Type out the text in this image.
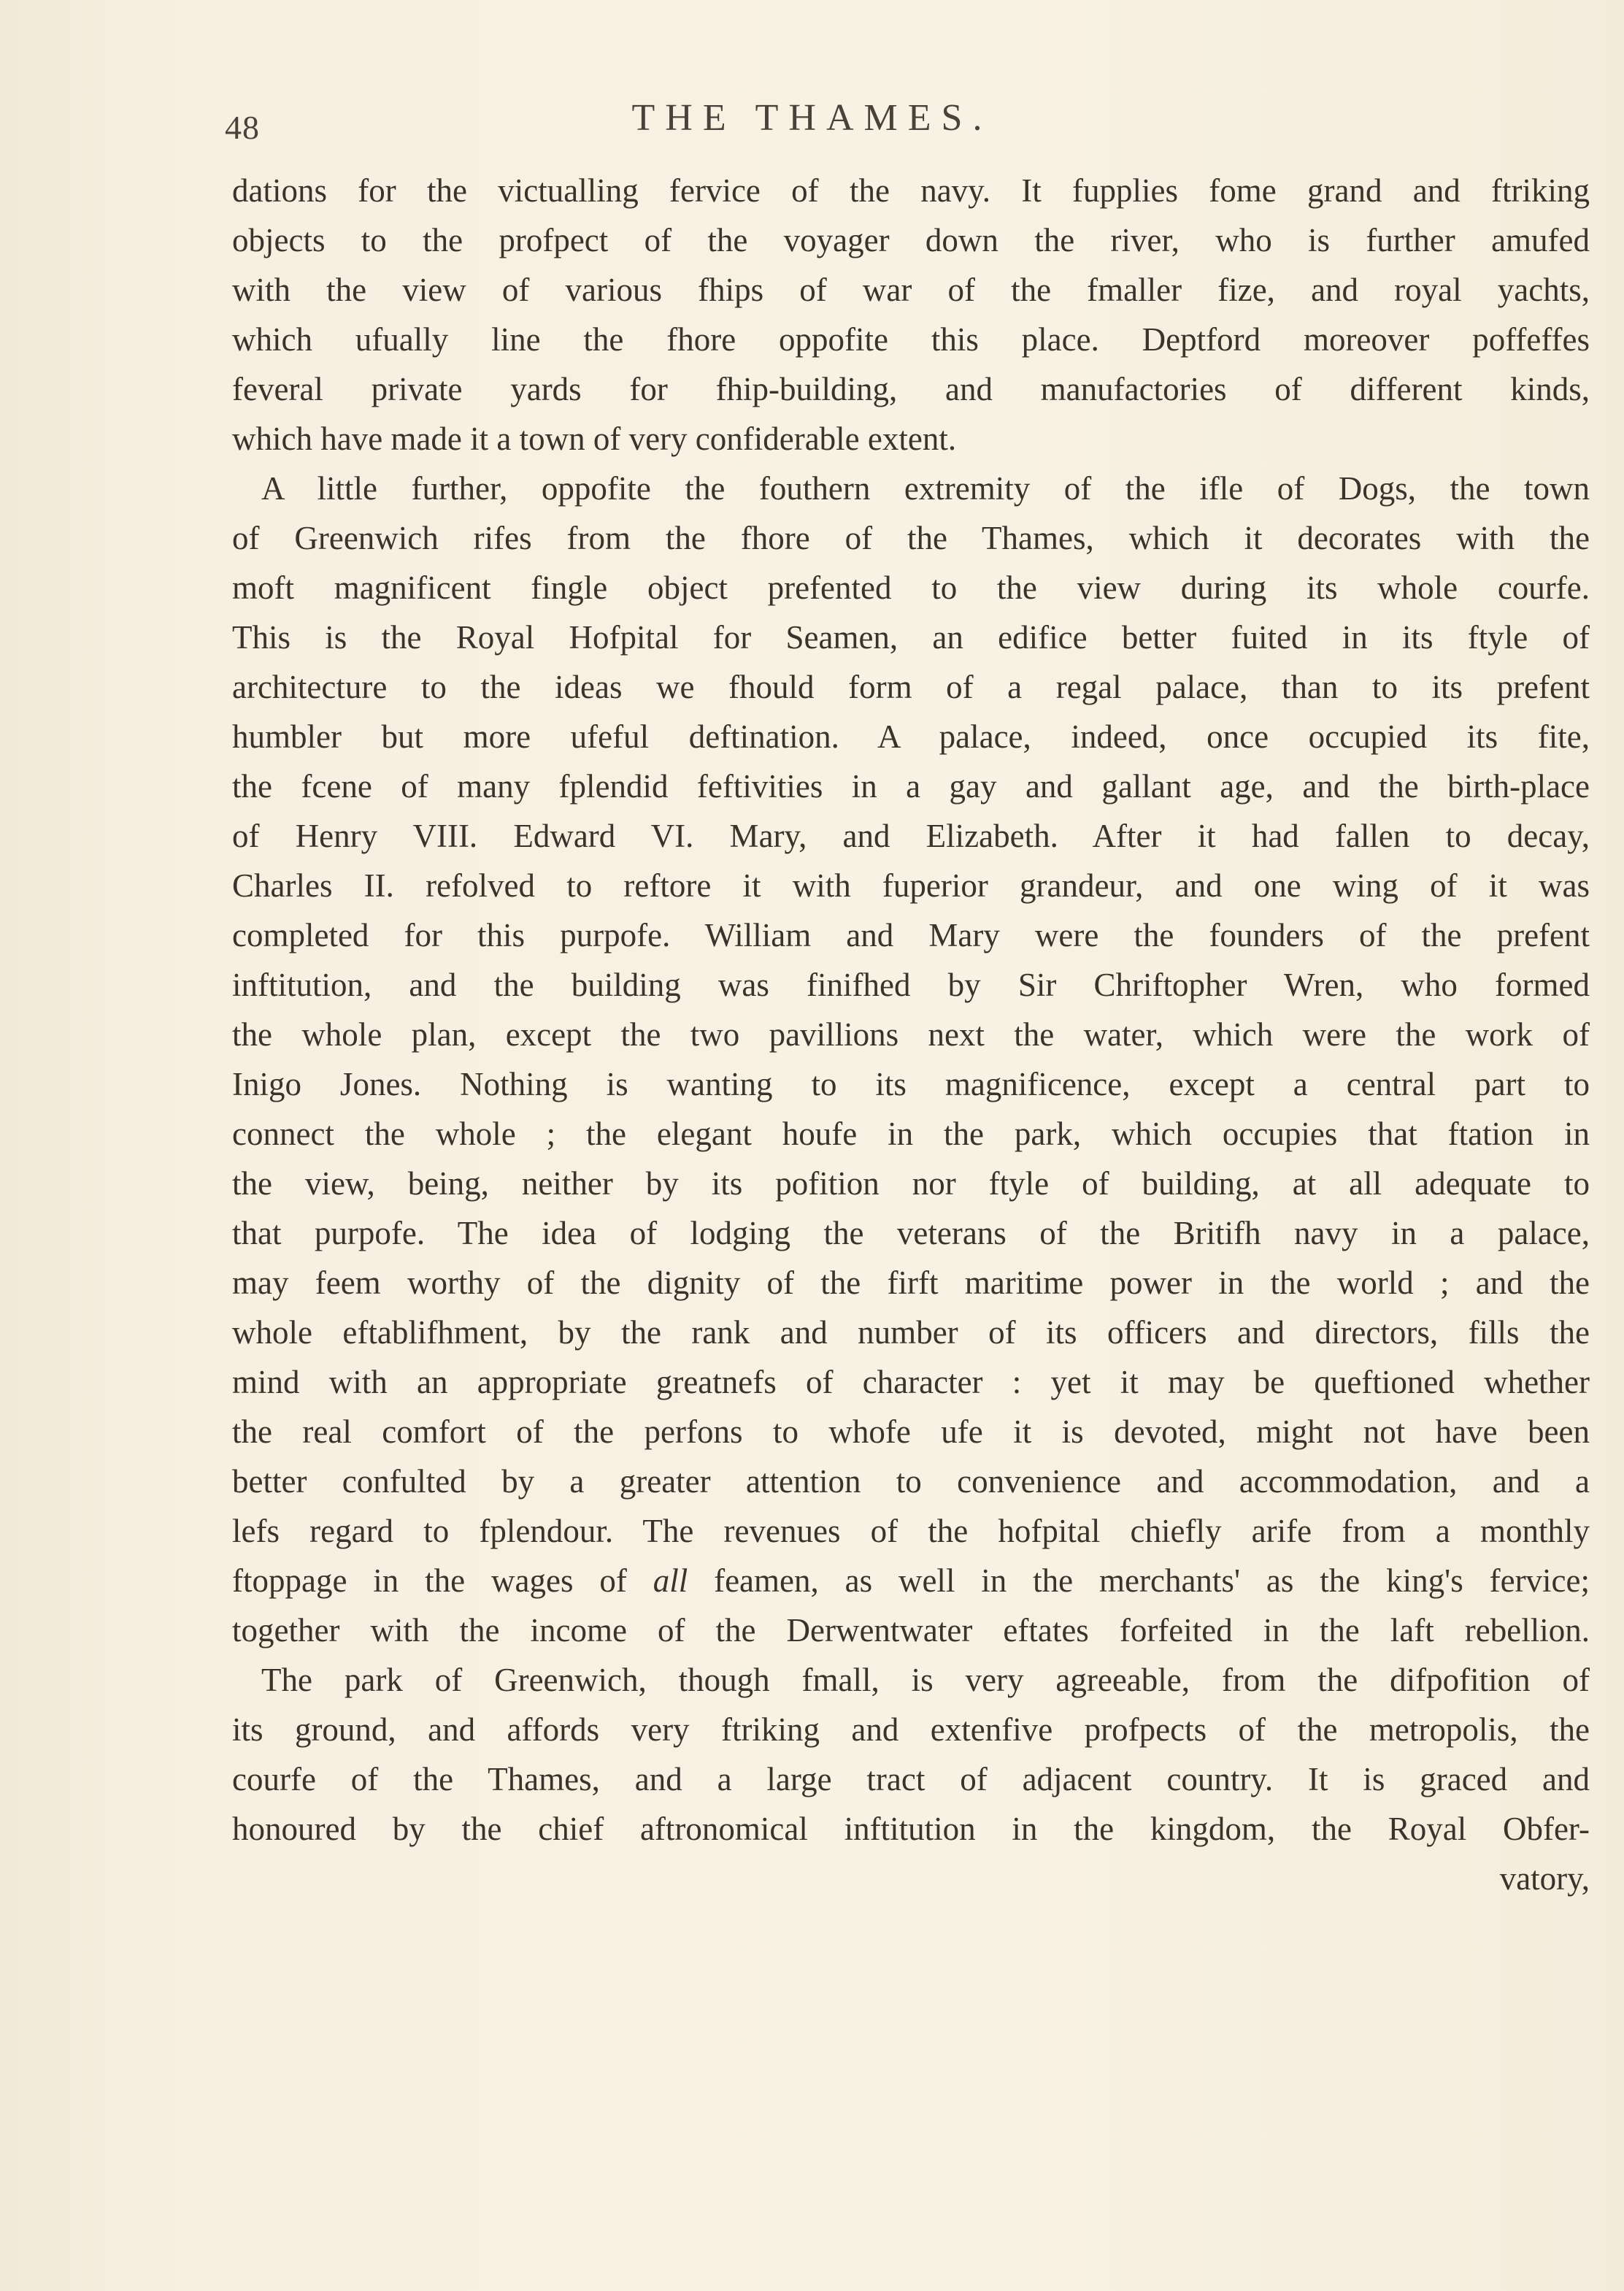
48	THE THAMES.
dations for the victualling fervice of the navy. It fupplies fome grand and ftriking
objects to the profpect of the voyager down the river, who is further amufed
with the view of various fhips of war of the fmaller fize, and royal yachts,
which ufually line the fhore oppofite this place. Deptford moreover poffeffes
feveral private yards for fhip-building, and manufactories of different kinds,
which have made it a town of very confiderable extent.
A little further, oppofite the fouthern extremity of the ifle of Dogs, the town
of Greenwich rifes from the fhore of the Thames, which it decorates with the
moft magnificent fingle object prefented to the view during its whole courfe.
This is the Royal Hofpital for Seamen, an edifice better fuited in its ftyle of
architecture to the ideas we fhould form of a regal palace, than to its prefent
humbler but more ufeful deftination. A palace, indeed, once occupied its fite,
the fcene of many fplendid feftivities in a gay and gallant age, and the birth-place
of Henry VIII. Edward VI. Mary, and Elizabeth. After it had fallen to decay,
Charles II. refolved to reftore it with fuperior grandeur, and one wing of it was
completed for this purpofe. William and Mary were the founders of the prefent
inftitution, and the building was finifhed by Sir Chriftopher Wren, who formed
the whole plan, except the two pavillions next the water, which were the work of
Inigo Jones. Nothing is wanting to its magnificence, except a central part to
connect the whole ; the elegant houfe in the park, which occupies that ftation in
the view, being, neither by its pofition nor ftyle of building, at all adequate to
that purpofe. The idea of lodging the veterans of the Britifh navy in a palace,
may feem worthy of the dignity of the firft maritime power in the world ; and the
whole eftablifhment, by the rank and number of its officers and directors, fills the
mind with an appropriate greatnefs of character : yet it may be queftioned whether
the real comfort of the perfons to whofe ufe it is devoted, might not have been
better confulted by a greater attention to convenience and accommodation, and a
lefs regard to fplendour. The revenues of the hofpital chiefly arife from a monthly
ftoppage in the wages of all feamen, as well in the merchants' as the king's fervice;
together with the income of the Derwentwater eftates forfeited in the laft rebellion.
The park of Greenwich, though fmall, is very agreeable, from the difpofition of
its ground, and affords very ftriking and extenfive profpects of the metropolis, the
courfe of the Thames, and a large tract of adjacent country. It is graced and
honoured by the chief aftronomical inftitution in the kingdom, the Royal Obfer-
vatory,
